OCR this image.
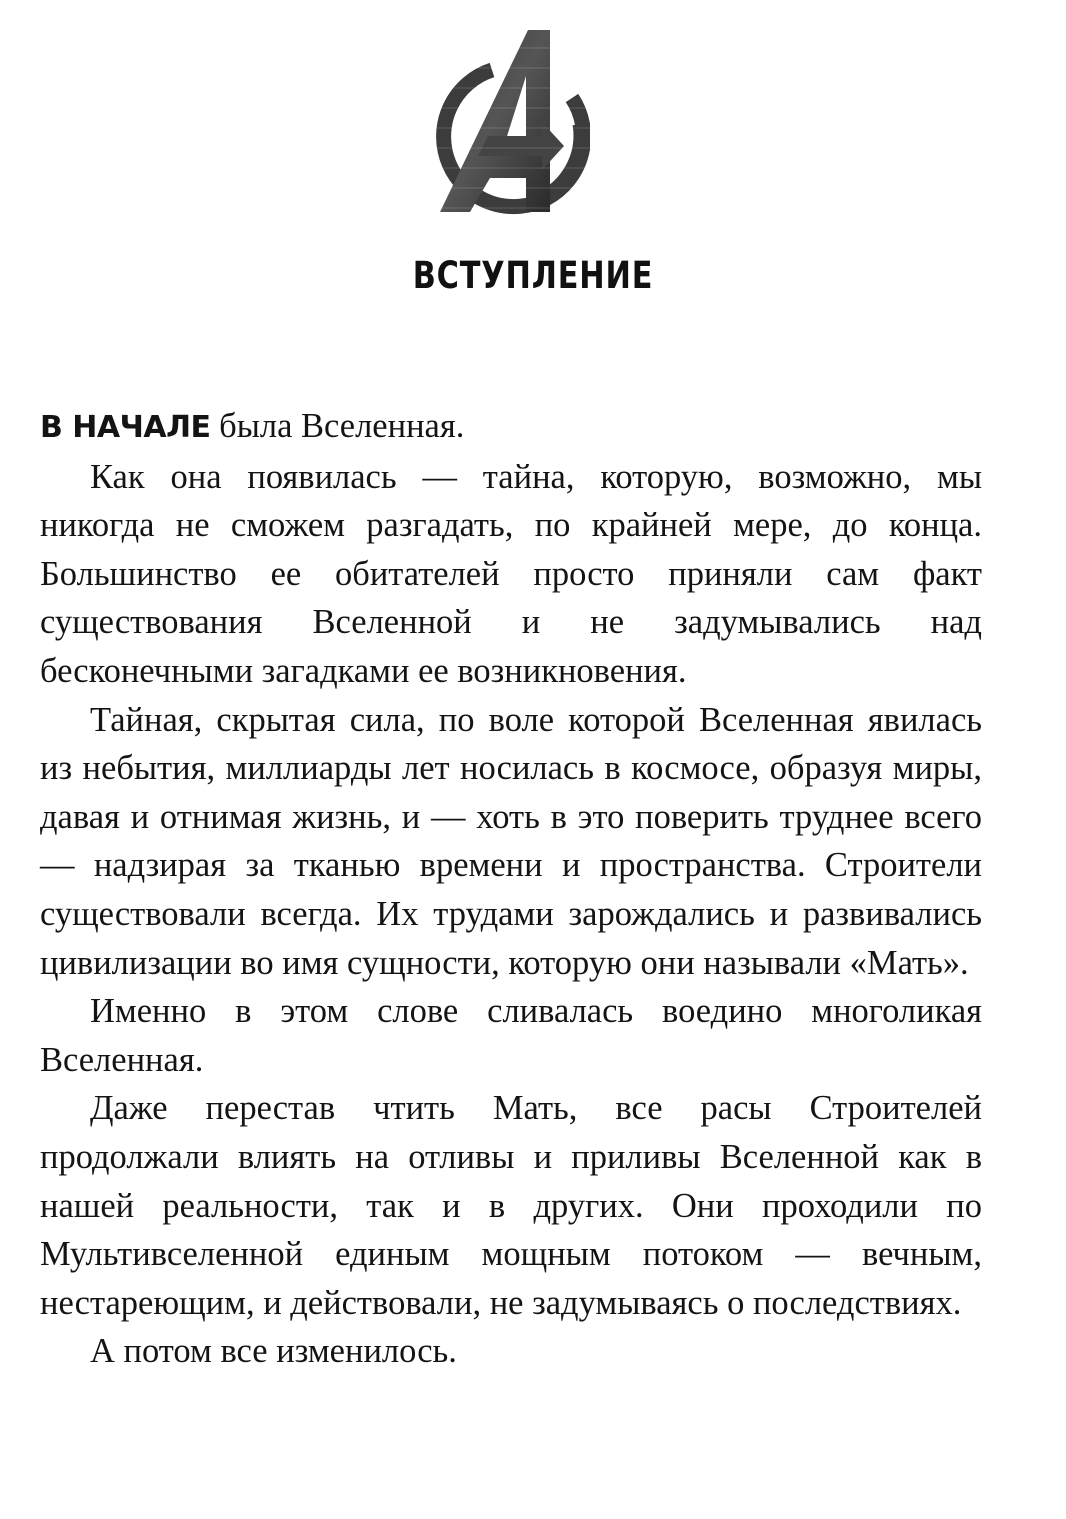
ВСТУПЛЕНИЕ

В НАЧАЛЕ была Вселенная.

Как она появилась — тайна, которую, возможно, мы никогда не сможем разгадать, по крайней мере, до конца. Большинство ее обитателей просто приняли сам факт существования Вселенной и не задумывались над бесконечными загадками ее возникновения.

Тайная, скрытая сила, по воле которой Вселенная явилась из небытия, миллиарды лет носилась в космосе, образуя миры, давая и отнимая жизнь, и — хоть в это поверить труднее всего — надзирая за тканью времени и пространства. Строители существовали всегда. Их трудами зарождались и развивались цивилизации во имя сущности, которую они называли «Мать».

Именно в этом слове сливалась воедино многоликая Вселенная.

Даже перестав чтить Мать, все расы Строителей продолжали влиять на отливы и приливы Вселенной как в нашей реальности, так и в других. Они проходили по Мультивселенной единым мощным потоком — вечным, нестареющим, и действовали, не задумываясь о последствиях.

А потом все изменилось.
